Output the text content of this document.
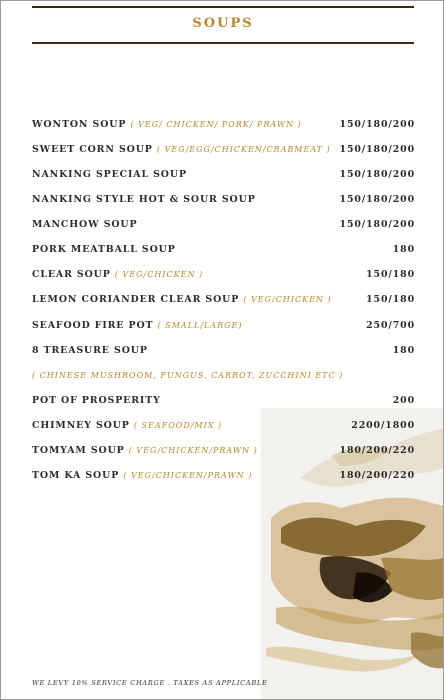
SOUPS
WONTON SOUP ( VEG/ CHICKEN/ PORK/ PRAWN )	150/180/200
SWEET CORN SOUP ( VEG/EGG/CHICKEN/CRABMEAT ) 150/180/200
NANKING SPECIAL SOUP	150/180/200
NANKING STYLE HOT & SOUR SOUP	150/180/200
MANCHOW SOUP	150/180/200
PORK MEATBALL SOUP	180
CLEAR SOUP ( VEG/CHICKEN )	150/180
LEMON CORIANDER CLEAR SOUP ( VEG/CHICKEN )	150/180
SEAFOOD FIRE POT ( SMALL/LARGE)	250/700
8 TREASURE SOUP	180
( CHINESE MUSHROOM, FUNGUS, CARROT, ZUCCHINI ETC )
POT OF PROSPERITY	200
CHIMNEY SOUP ( SEAFOOD/MIX )	2200/1800
TOMYAM SOUP ( VEG/CHICKEN/PRAWN )	180/200/220
TOM KA SOUP ( VEG/CHICKEN/PRAWN )	180/200/220
WE LEVY 10% SERVICE CHARGE . TAXES AS APPLICABLE
